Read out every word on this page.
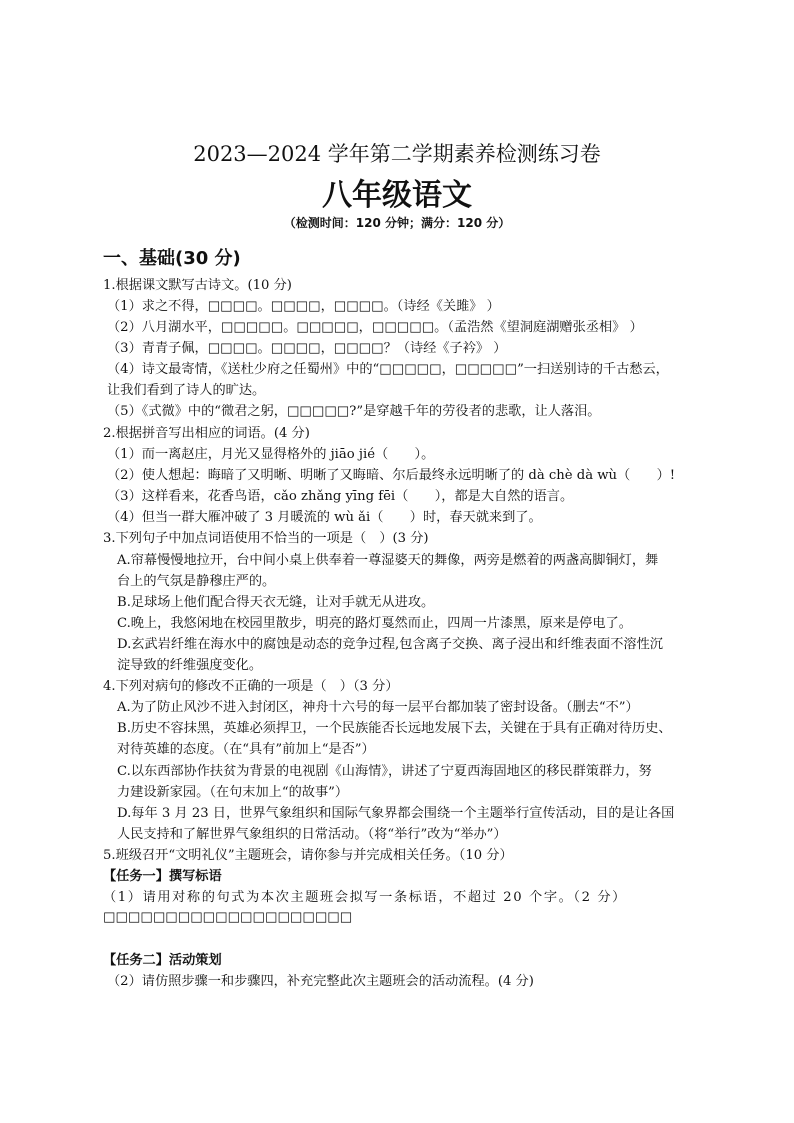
2023—2024 学年第二学期素养检测练习卷
八年级语文
（检测时间：120 分钟；满分：120 分）
一、基础(30 分)
1.根据课文默写古诗文。(10 分)
（1）求之不得，□□□□。□□□□，□□□□。（诗经《关雎》 ）
（2）八月湖水平，□□□□□。□□□□□，□□□□□。（孟浩然《望洞庭湖赠张丞相》 ）
（3）青青子佩，□□□□。□□□□，□□□□？（诗经《子衿》 ）
（4）诗文最寄情，《送杜少府之任蜀州》中的“□□□□□，□□□□□”一扫送别诗的千古愁云，
让我们看到了诗人的旷达。
（5）《式微》中的“微君之躬，□□□□□?”是穿越千年的劳役者的悲歌，让人落泪。
2.根据拼音写出相应的词语。(4 分)
（1）而一离赵庄，月光又显得格外的 jiāo jié（　　）。
（2）使人想起：晦暗了又明晰、明晰了又晦暗、尔后最终永远明晰了的 dà chè dà wù（　　）!
（3）这样看来，花香鸟语，cǎo zhǎng yīng fēi（　　），都是大自然的语言。
（4）但当一群大雁冲破了 3 月暖流的 wù ǎi（　　）时，春天就来到了。
3.下列句子中加点词语使用不恰当的一项是（　）(3 分)
A.帘幕慢慢地拉开，台中间小桌上供奉着一尊湿婆天的舞像，两旁是燃着的两盏高脚铜灯，舞
台上的气氛是静穆庄严的。
B.足球场上他们配合得天衣无缝，让对手就无从进攻。
C.晚上，我悠闲地在校园里散步，明亮的路灯戛然而止，四周一片漆黑，原来是停电了。
D.玄武岩纤维在海水中的腐蚀是动态的竞争过程,包含离子交换、离子浸出和纤维表面不溶性沉
淀导致的纤维强度变化。
4.下列对病句的修改不正确的一项是（　）（3 分）
A.为了防止风沙不进入封闭区，神舟十六号的每一层平台都加装了密封设备。（删去“不”）
B.历史不容抹黑，英雄必须捍卫，一个民族能否长远地发展下去，关键在于具有正确对待历史、
对待英雄的态度。（在“具有”前加上“是否”）
C.以东西部协作扶贫为背景的电视剧《山海情》，讲述了宁夏西海固地区的移民群策群力，努
力建设新家园。（在句末加上“的故事”）
D.每年 3 月 23 日，世界气象组织和国际气象界都会围绕一个主题举行宣传活动，目的是让各国
人民支持和了解世界气象组织的日常活动。（将“举行”改为“举办”）
5.班级召开“文明礼仪”主题班会，请你参与并完成相关任务。（10 分）
【任务一】撰写标语
（1）请用对称的句式为本次主题班会拟写一条标语，不超过 20 个字。（2 分）
□□□□□□□□□□□□□□□□□□□□
【任务二】活动策划
（2）请仿照步骤一和步骤四，补充完整此次主题班会的活动流程。(4 分)
